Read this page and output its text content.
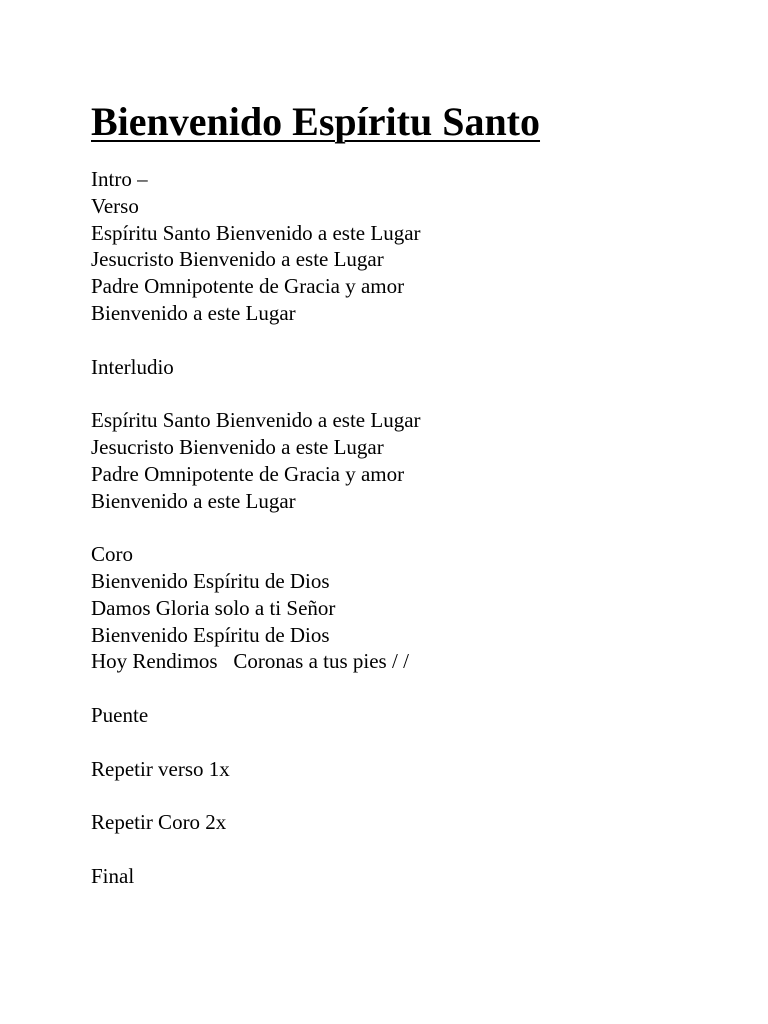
Bienvenido Espíritu Santo
Intro –
Verso
Espíritu Santo Bienvenido a este Lugar
Jesucristo Bienvenido a este Lugar
Padre Omnipotente de Gracia y amor
Bienvenido a este Lugar
Interludio
Espíritu Santo Bienvenido a este Lugar
Jesucristo Bienvenido a este Lugar
Padre Omnipotente de Gracia y amor
Bienvenido a este Lugar
Coro
Bienvenido Espíritu de Dios
Damos Gloria solo a ti Señor
Bienvenido Espíritu de Dios
Hoy Rendimos   Coronas a tus pies / /
Puente
Repetir verso 1x
Repetir Coro 2x
Final
